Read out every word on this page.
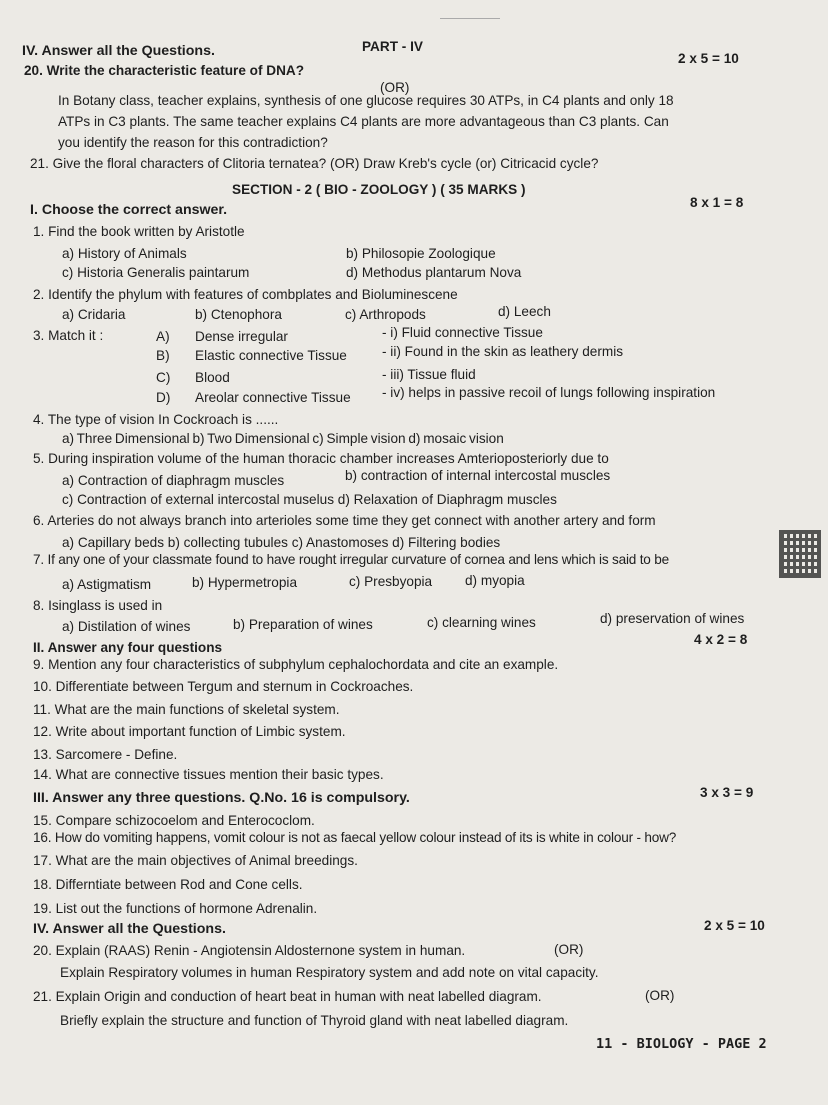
PART - IV
IV. Answer all the Questions.	2 x 5 = 10
20. Write the characteristic feature of DNA?
(OR)
In Botany class, teacher explains, synthesis of one glucose requires 30 ATPs, in C4 plants and only 18
ATPs in C3 plants. The same teacher explains C4 plants are more advantageous than C3 plants. Can
you identify the reason for this contradiction?
21. Give the floral characters of Clitoria ternatea? (OR) Draw Kreb's cycle (or) Citricacid cycle?
SECTION - 2 ( BIO - ZOOLOGY ) ( 35 MARKS )
I. Choose the correct answer.	8 x 1 = 8
1. Find the book written by Aristotle
a) History of Animals	b) Philosopie Zoologique
c) Historia Generalis paintarum	d) Methodus plantarum Nova
2. Identify the phylum with features of combplates and Bioluminescene
a) Cridaria	b) Ctenophora	c) Arthropods	d) Leech
3. Match it :	A) Dense irregular	- i) Fluid connective Tissue
B) Elastic connective Tissue	- ii) Found in the skin as leathery dermis
C) Blood	- iii) Tissue fluid
D) Areolar connective Tissue - iv) helps in passive recoil of lungs following inspiration
4. The type of vision In Cockroach is ......
a) Three Dimensional b) Two Dimensional c) Simple vision d) mosaic vision
5. During inspiration volume of the human thoracic chamber increases Amterioposteriorly due to
a) Contraction of diaphragm muscles	b) contraction of internal intercostal muscles
c) Contraction of external intercostal muselus d) Relaxation of Diaphragm muscles
6. Arteries do not always branch into arterioles some time they get connect with another artery and form
a) Capillary beds b) collecting tubules c) Anastomoses d) Filtering bodies
7. If any one of your classmate found to have rought irregular curvature of cornea and lens which is said to be
a) Astigmatism	b) Hypermetropia	c) Presbyopia d) myopia
8. Isinglass is used in
a) Distilation of wines	b) Preparation of wines	c) clearning wines	d) preservation of wines
II. Answer any four questions
4 x 2 = 8
9. Mention any four characteristics of subphylum cephalochordata and cite an example.
10. Differentiate between Tergum and sternum in Cockroaches.
11. What are the main functions of skeletal system.
12. Write about important function of Limbic system.
13. Sarcomere - Define.
14. What are connective tissues mention their basic types.
III. Answer any three questions. Q.No. 16 is compulsory.	3 x 3 = 9
15. Compare schizocoelom and Enterococlom.
16. How do vomiting happens, vomit colour is not as faecal yellow colour instead of its is white in colour - how?
17. What are the main objectives of Animal breedings.
18. Differntiate between Rod and Cone cells.
19. List out the functions of hormone Adrenalin.
IV. Answer all the Questions.	2 x 5 = 10
20. Explain (RAAS) Renin - Angiotensin Aldosternone system in human.	(OR)
Explain Respiratory volumes in human Respiratory system and add note on vital capacity.
21. Explain Origin and conduction of heart beat in human with neat labelled diagram.	(OR)
Briefly explain the structure and function of Thyroid gland with neat labelled diagram.
11 - BIOLOGY - PAGE 2
